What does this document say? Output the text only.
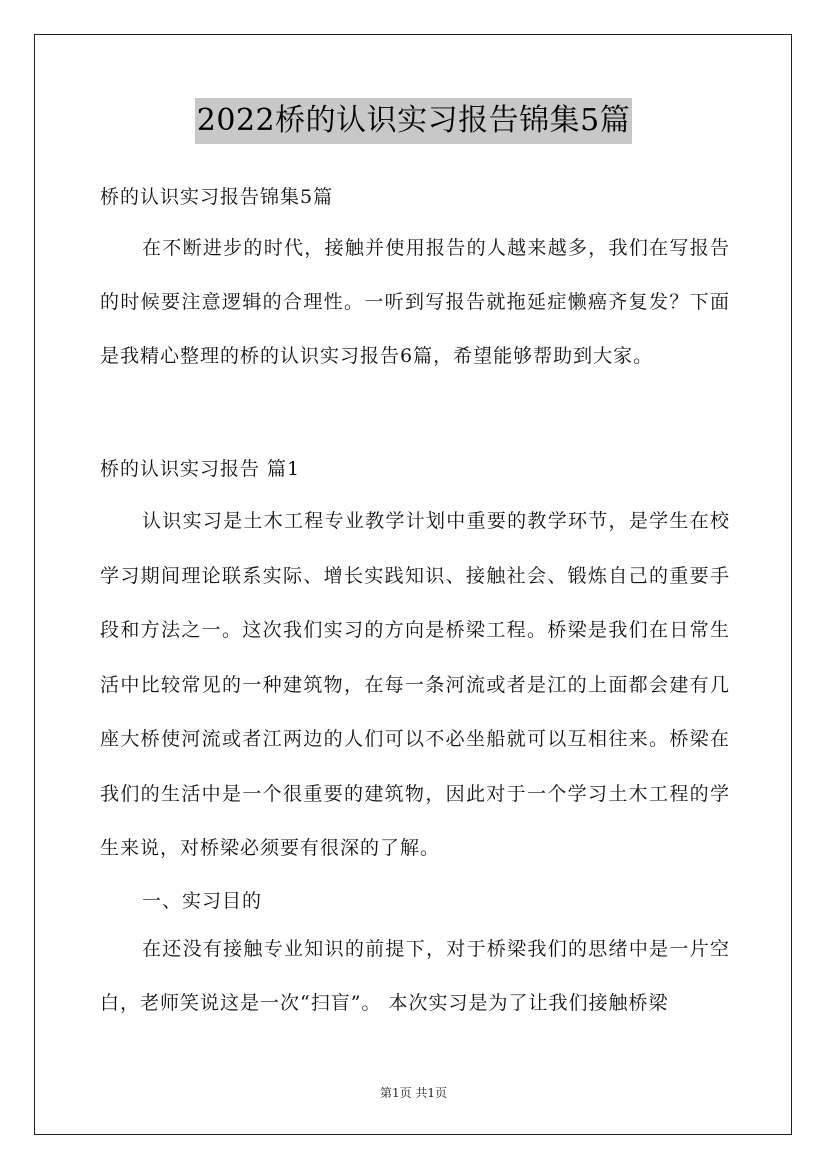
2022桥的认识实习报告锦集5篇
桥的认识实习报告锦集5篇

在不断进步的时代，接触并使用报告的人越来越多，我们在写报告的时候要注意逻辑的合理性。一听到写报告就拖延症懒癌齐复发？下面是我精心整理的桥的认识实习报告6篇，希望能够帮助到大家。

桥的认识实习报告 篇1

认识实习是土木工程专业教学计划中重要的教学环节，是学生在校学习期间理论联系实际、增长实践知识、接触社会、锻炼自己的重要手段和方法之一。这次我们实习的方向是桥梁工程。桥梁是我们在日常生活中比较常见的一种建筑物，在每一条河流或者是江的上面都会建有几座大桥使河流或者江两边的人们可以不必坐船就可以互相往来。桥梁在我们的生活中是一个很重要的建筑物，因此对于一个学习土木工程的学生来说，对桥梁必须要有很深的了解。

一、实习目的

在还没有接触专业知识的前提下，对于桥梁我们的思绪中是一片空白，老师笑说这是一次“扫盲”。 本次实习是为了让我们接触桥梁

第1页 共1页
